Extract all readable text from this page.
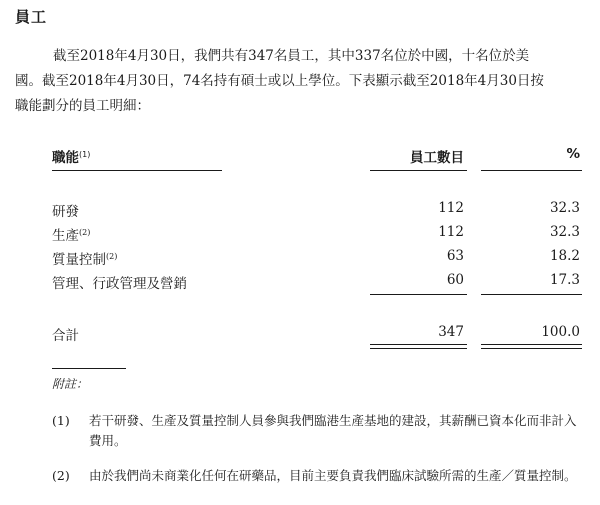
員工

截至2018年4月30日，我們共有347名員工，其中337名位於中國，十名位於美
國。截至2018年4月30日，74名持有碩士或以上學位。下表顯示截至2018年4月30日按
職能劃分的員工明細：

職能$^{(1)}$	員工數目	%
研發	112	32.3
生產$^{(2)}$	112	32.3
質量控制$^{(2)}$	63	18.2
管理、行政管理及營銷	60	17.3
合計	347	100.0
附註：
(1) 若干研發、生產及質量控制人員參與我們臨港生產基地的建設，其薪酬已資本化而非計入費用。
(2) 由於我們尚未商業化任何在研藥品，目前主要負責我們臨床試驗所需的生產／質量控制。
